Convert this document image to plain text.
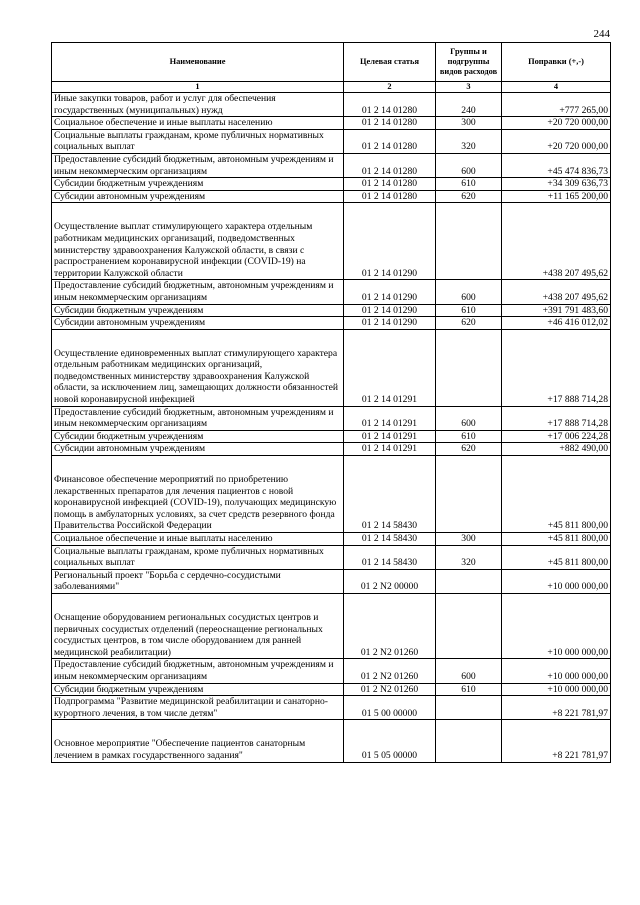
244
Наименование	Целевая статья	Группы и подгруппы видов расходов	Поправки (+,-)
1	2	3	4
Иные закупки товаров, работ и услуг для обеспечения государственных (муниципальных) нужд	01 2 14 01280	240	+777 265,00
Социальное обеспечение и иные выплаты населению	01 2 14 01280	300	+20 720 000,00
Социальные выплаты гражданам, кроме публичных нормативных социальных выплат	01 2 14 01280	320	+20 720 000,00
Предоставление субсидий бюджетным, автономным учреждениям и иным некоммерческим организациям	01 2 14 01280	600	+45 474 836,73
Субсидии бюджетным учреждениям	01 2 14 01280	610	+34 309 636,73
Субсидии автономным учреждениям	01 2 14 01280	620	+11 165 200,00
Осуществление выплат стимулирующего характера отдельным работникам медицинских организаций, подведомственных министерству здравоохранения Калужской области, в связи с распространением коронавирусной инфекции (COVID-19) на территории Калужской области	01 2 14 01290		+438 207 495,62
Предоставление субсидий бюджетным, автономным учреждениям и иным некоммерческим организациям	01 2 14 01290	600	+438 207 495,62
Субсидии бюджетным учреждениям	01 2 14 01290	610	+391 791 483,60
Субсидии автономным учреждениям	01 2 14 01290	620	+46 416 012,02
Осуществление единовременных выплат стимулирующего характера отдельным работникам медицинских организаций, подведомственных министерству здравоохранения Калужской области, за исключением лиц, замещающих должности обязанностей новой коронавирусной инфекцией	01 2 14 01291		+17 888 714,28
Предоставление субсидий бюджетным, автономным учреждениям и иным некоммерческим организациям	01 2 14 01291	600	+17 888 714,28
Субсидии бюджетным учреждениям	01 2 14 01291	610	+17 006 224,28
Субсидии автономным учреждениям	01 2 14 01291	620	+882 490,00
Финансовое обеспечение мероприятий по приобретению лекарственных препаратов для лечения пациентов с новой коронавирусной инфекцией (COVID-19), получающих медицинскую помощь в амбулаторных условиях, за счет средств резервного фонда Правительства Российской Федерации	01 2 14 58430		+45 811 800,00
Социальное обеспечение и иные выплаты населению	01 2 14 58430	300	+45 811 800,00
Социальные выплаты гражданам, кроме публичных нормативных социальных выплат	01 2 14 58430	320	+45 811 800,00
Региональный проект "Борьба с сердечно-сосудистыми заболеваниями"	01 2 N2 00000		+10 000 000,00
Оснащение оборудованием региональных сосудистых центров и первичных сосудистых отделений (переоснащение региональных сосудистых центров, в том числе оборудованием для ранней медицинской реабилитации)	01 2 N2 01260		+10 000 000,00
Предоставление субсидий бюджетным, автономным учреждениям и иным некоммерческим организациям	01 2 N2 01260	600	+10 000 000,00
Субсидии бюджетным учреждениям	01 2 N2 01260	610	+10 000 000,00
Подпрограмма "Развитие медицинской реабилитации и санаторно-курортного лечения, в том числе детям"	01 5 00 00000		+8 221 781,97
Основное мероприятие "Обеспечение пациентов санаторным лечением в рамках государственного задания"	01 5 05 00000		+8 221 781,97
